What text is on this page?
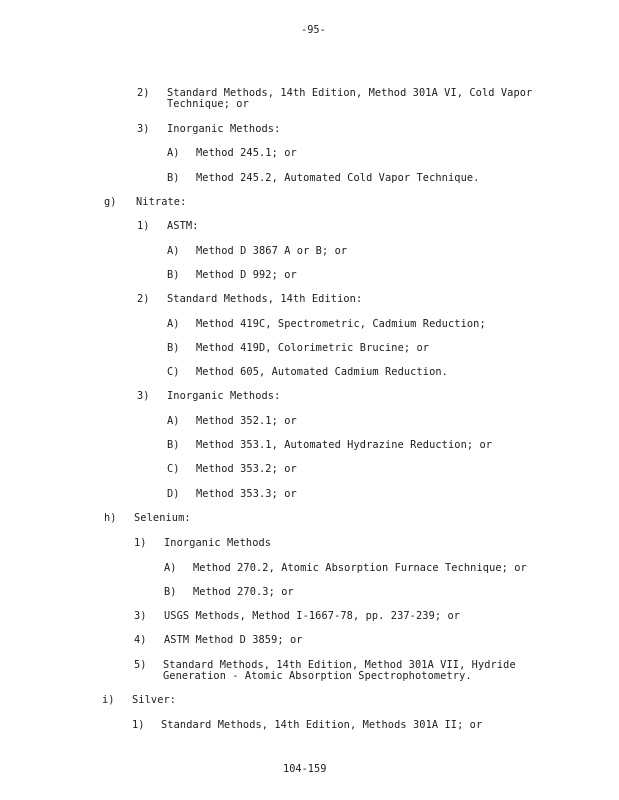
-95-
2) Standard Methods, 14th Edition, Method 301A VI, Cold Vapor
Technique; or
3) Inorganic Methods:
A) Method 245.1; or
B) Method 245.2, Automated Cold Vapor Technique.
g) Nitrate:
1) ASTM:
A) Method D 3867 A or B; or
B) Method D 992; or
2) Standard Methods, 14th Edition:
A) Method 419C, Spectrometric, Cadmium Reduction;
B) Method 419D, Colorimetric Brucine; or
C) Method 605, Automated Cadmium Reduction.
3) Inorganic Methods:
A) Method 352.1; or
B) Method 353.1, Automated Hydrazine Reduction; or
C) Method 353.2; or
D) Method 353.3; or
h) Selenium:
1) Inorganic Methods
A) Method 270.2, Atomic Absorption Furnace Technique; or
B) Method 270.3; or
3) USGS Methods, Method I-1667-78, pp. 237-239; or
4) ASTM Method D 3859; or
5) Standard Methods, 14th Edition, Method 301A VII, Hydride
Generation - Atomic Absorption Spectrophotometry.
i) Silver:
1) Standard Methods, 14th Edition, Methods 301A II; or
104-159
